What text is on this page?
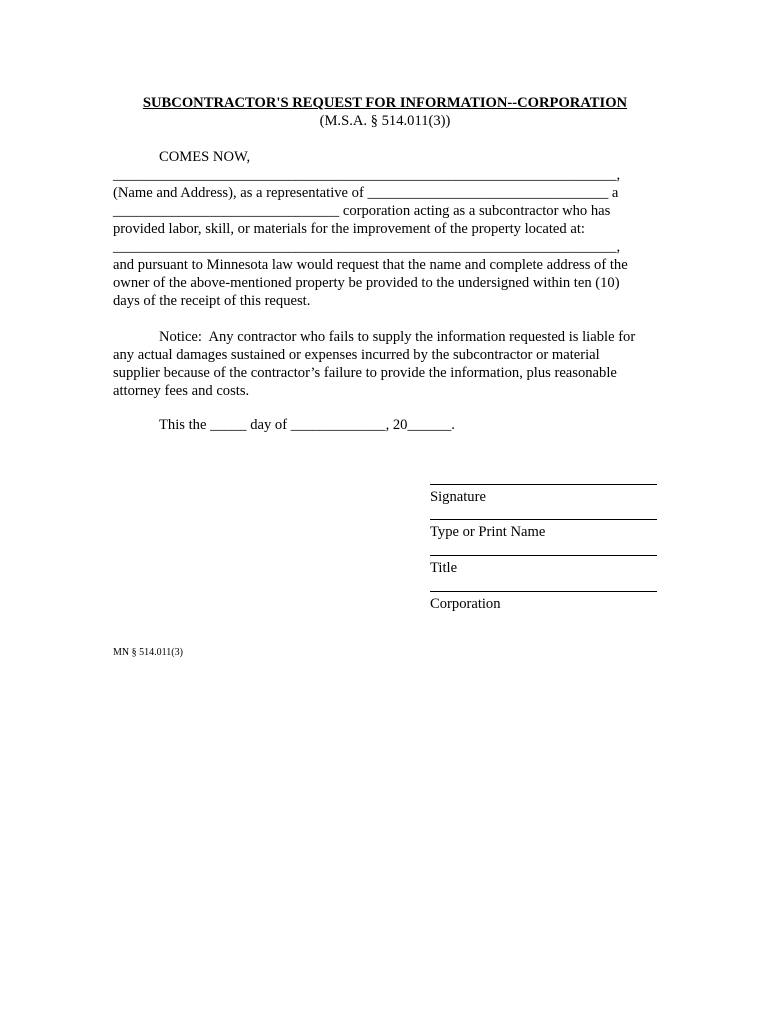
SUBCONTRACTOR'S REQUEST FOR INFORMATION--CORPORATION
(M.S.A. § 514.011(3))
COMES NOW,
_____________________________________________________________________,
(Name and Address), as a representative of _________________________________ a
_______________________________ corporation acting as a subcontractor who has
provided labor, skill, or materials for the improvement of the property located at:
_____________________________________________________________________,
and pursuant to Minnesota law would request that the name and complete address of the
owner of the above-mentioned property be provided to the undersigned within ten (10)
days of the receipt of this request.
Notice:  Any contractor who fails to supply the information requested is liable for
any actual damages sustained or expenses incurred by the subcontractor or material
supplier because of the contractor’s failure to provide the information, plus reasonable
attorney fees and costs.
This the _____ day of _____________, 20______.
Signature
Type or Print Name
Title
Corporation
MN § 514.011(3)
